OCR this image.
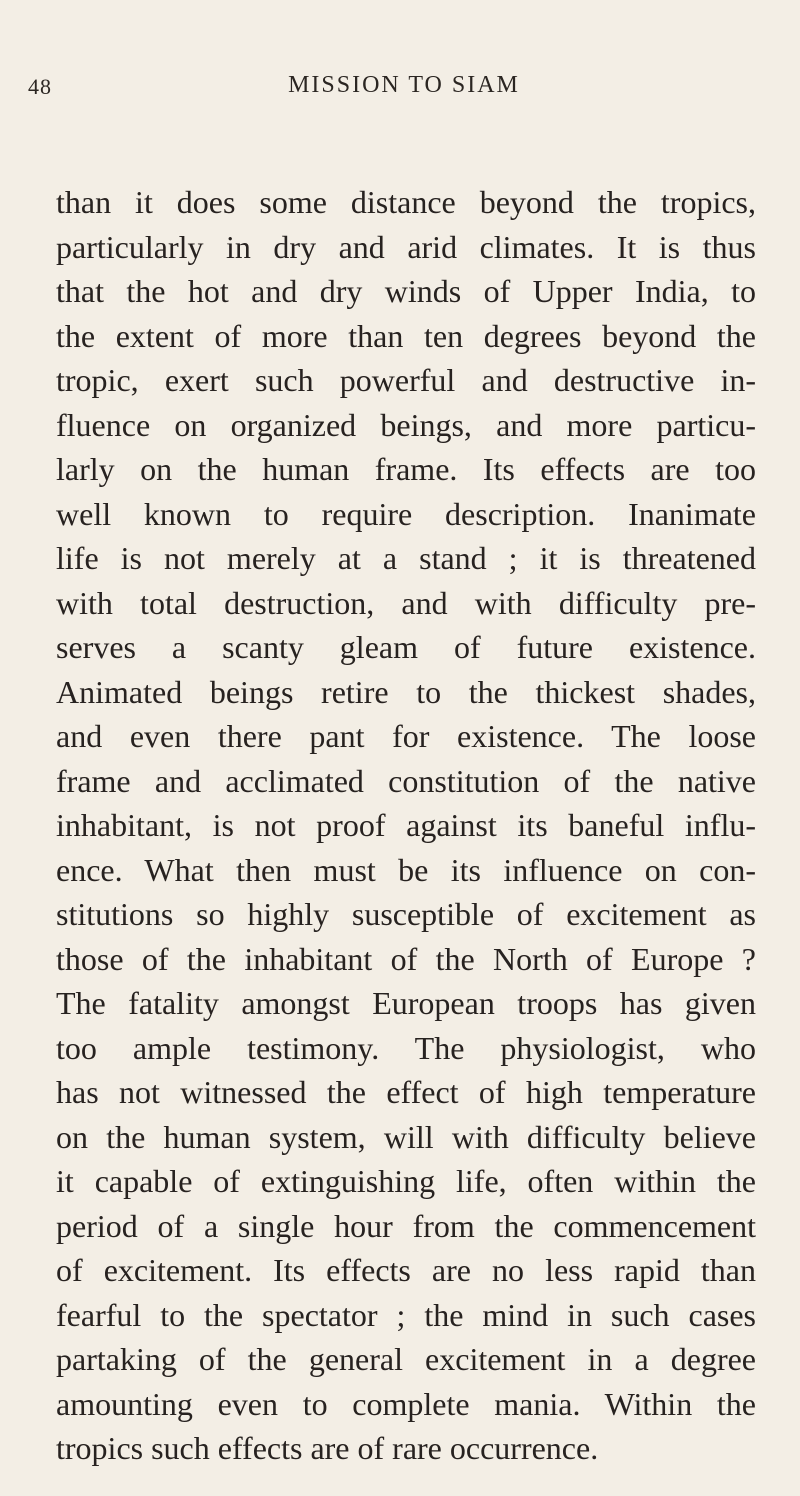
48	MISSION TO SIAM
than it does some distance beyond the tropics,
particularly in dry and arid climates. It is thus
that the hot and dry winds of Upper India, to
the extent of more than ten degrees beyond the
tropic, exert such powerful and destructive in-
fluence on organized beings, and more particu-
larly on the human frame. Its effects are too
well known to require description. Inanimate
life is not merely at a stand ; it is threatened
with total destruction, and with difficulty pre-
serves a scanty gleam of future existence.
Animated beings retire to the thickest shades,
and even there pant for existence. The loose
frame and acclimated constitution of the native
inhabitant, is not proof against its baneful influ-
ence. What then must be its influence on con-
stitutions so highly susceptible of excitement as
those of the inhabitant of the North of Europe ?
The fatality amongst European troops has given
too ample testimony. The physiologist, who
has not witnessed the effect of high temperature
on the human system, will with difficulty believe
it capable of extinguishing life, often within the
period of a single hour from the commencement
of excitement. Its effects are no less rapid than
fearful to the spectator ; the mind in such cases
partaking of the general excitement in a degree
amounting even to complete mania. Within the
tropics such effects are of rare occurrence.
